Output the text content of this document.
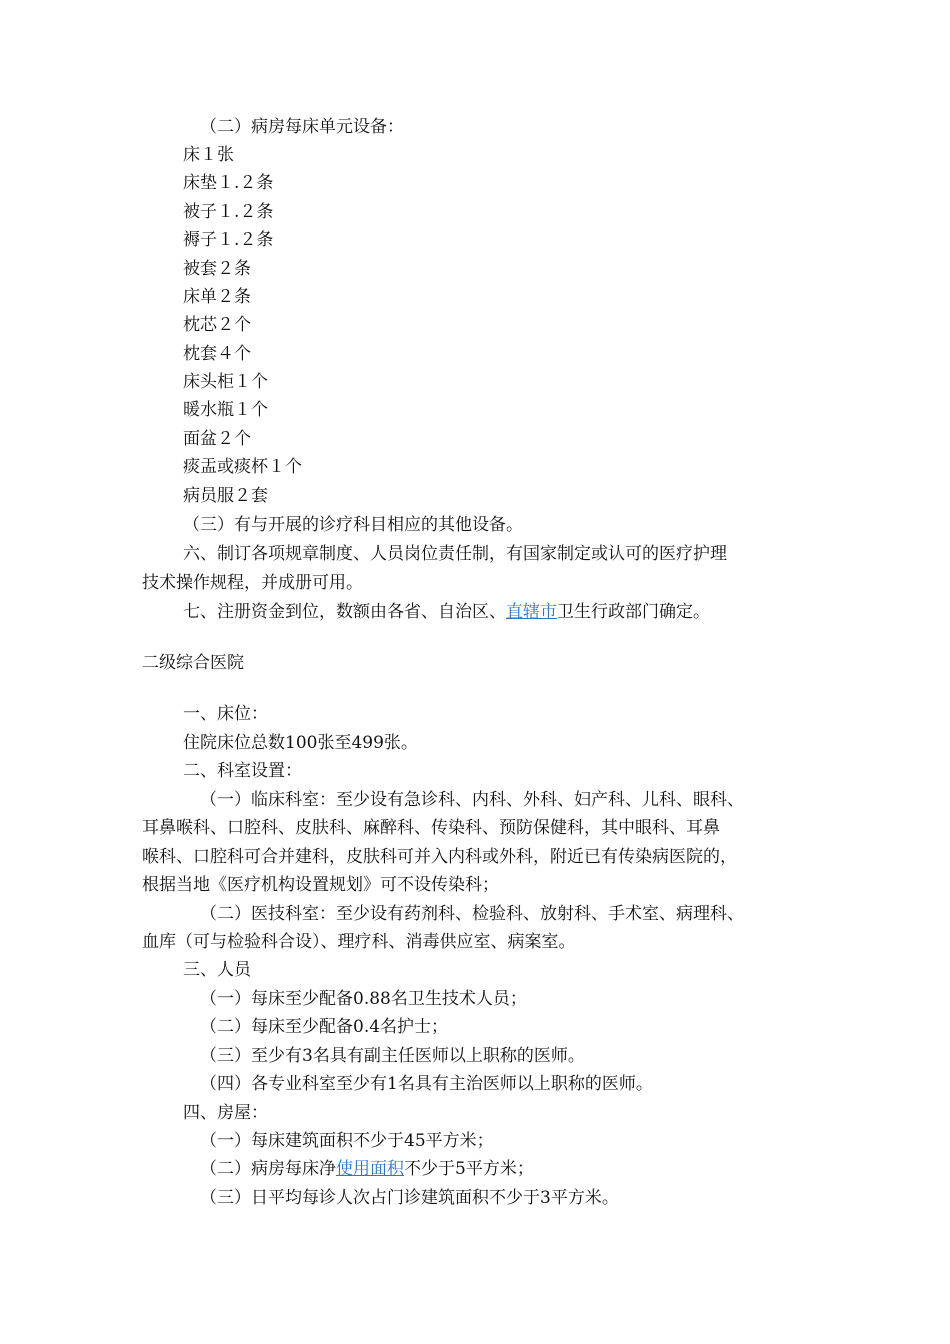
（二）病房每床单元设备：
床１张
床垫１.２条
被子１.２条
褥子１.２条
被套２条
床单２条
枕芯２个
枕套４个
床头柜１个
暖水瓶１个
面盆２个
痰盂或痰杯１个
病员服２套
（三）有与开展的诊疗科目相应的其他设备。
六、制订各项规章制度、人员岗位责任制，有国家制定或认可的医疗护理
技术操作规程，并成册可用。
七、注册资金到位，数额由各省、自治区、直辖市卫生行政部门确定。
二级综合医院
一、床位：
住院床位总数100张至499张。
二、科室设置：
（一）临床科室：至少设有急诊科、内科、外科、妇产科、儿科、眼科、
耳鼻喉科、口腔科、皮肤科、麻醉科、传染科、预防保健科，其中眼科、耳鼻
喉科、口腔科可合并建科，皮肤科可并入内科或外科，附近已有传染病医院的，
根据当地《医疗机构设置规划》可不设传染科；
（二）医技科室：至少设有药剂科、检验科、放射科、手术室、病理科、
血库（可与检验科合设）、理疗科、消毒供应室、病案室。
三、人员
（一）每床至少配备0.88名卫生技术人员；
（二）每床至少配备0.4名护士；
（三）至少有3名具有副主任医师以上职称的医师。
（四）各专业科室至少有1名具有主治医师以上职称的医师。
四、房屋：
（一）每床建筑面积不少于45平方米；
（二）病房每床净使用面积不少于5平方米；
（三）日平均每诊人次占门诊建筑面积不少于3平方米。
